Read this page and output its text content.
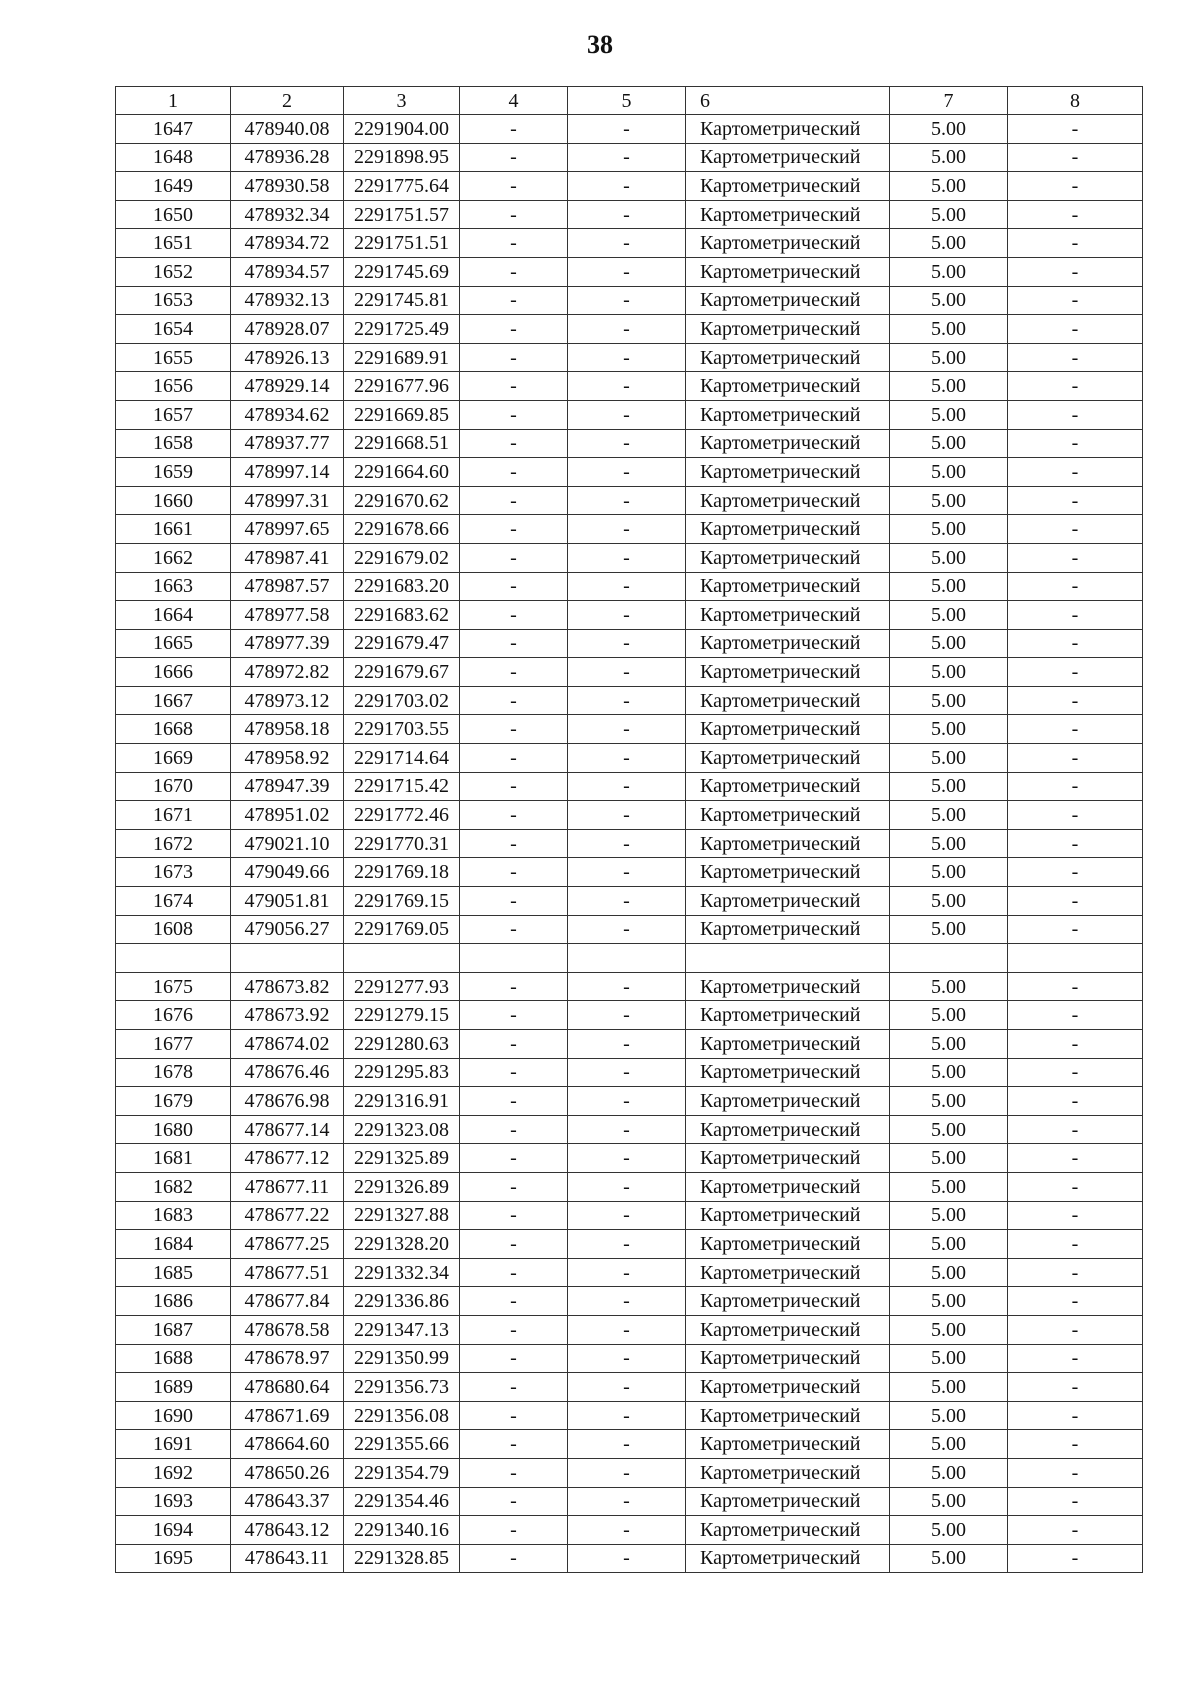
38
1	2	3	4	5	6	7	8
1647	478940.08	2291904.00	-	-	Картометрический	5.00	-
1648	478936.28	2291898.95	-	-	Картометрический	5.00	-
1649	478930.58	2291775.64	-	-	Картометрический	5.00	-
1650	478932.34	2291751.57	-	-	Картометрический	5.00	-
1651	478934.72	2291751.51	-	-	Картометрический	5.00	-
1652	478934.57	2291745.69	-	-	Картометрический	5.00	-
1653	478932.13	2291745.81	-	-	Картометрический	5.00	-
1654	478928.07	2291725.49	-	-	Картометрический	5.00	-
1655	478926.13	2291689.91	-	-	Картометрический	5.00	-
1656	478929.14	2291677.96	-	-	Картометрический	5.00	-
1657	478934.62	2291669.85	-	-	Картометрический	5.00	-
1658	478937.77	2291668.51	-	-	Картометрический	5.00	-
1659	478997.14	2291664.60	-	-	Картометрический	5.00	-
1660	478997.31	2291670.62	-	-	Картометрический	5.00	-
1661	478997.65	2291678.66	-	-	Картометрический	5.00	-
1662	478987.41	2291679.02	-	-	Картометрический	5.00	-
1663	478987.57	2291683.20	-	-	Картометрический	5.00	-
1664	478977.58	2291683.62	-	-	Картометрический	5.00	-
1665	478977.39	2291679.47	-	-	Картометрический	5.00	-
1666	478972.82	2291679.67	-	-	Картометрический	5.00	-
1667	478973.12	2291703.02	-	-	Картометрический	5.00	-
1668	478958.18	2291703.55	-	-	Картометрический	5.00	-
1669	478958.92	2291714.64	-	-	Картометрический	5.00	-
1670	478947.39	2291715.42	-	-	Картометрический	5.00	-
1671	478951.02	2291772.46	-	-	Картометрический	5.00	-
1672	479021.10	2291770.31	-	-	Картометрический	5.00	-
1673	479049.66	2291769.18	-	-	Картометрический	5.00	-
1674	479051.81	2291769.15	-	-	Картометрический	5.00	-
1608	479056.27	2291769.05	-	-	Картометрический	5.00	-

1675	478673.82	2291277.93	-	-	Картометрический	5.00	-
1676	478673.92	2291279.15	-	-	Картометрический	5.00	-
1677	478674.02	2291280.63	-	-	Картометрический	5.00	-
1678	478676.46	2291295.83	-	-	Картометрический	5.00	-
1679	478676.98	2291316.91	-	-	Картометрический	5.00	-
1680	478677.14	2291323.08	-	-	Картометрический	5.00	-
1681	478677.12	2291325.89	-	-	Картометрический	5.00	-
1682	478677.11	2291326.89	-	-	Картометрический	5.00	-
1683	478677.22	2291327.88	-	-	Картометрический	5.00	-
1684	478677.25	2291328.20	-	-	Картометрический	5.00	-
1685	478677.51	2291332.34	-	-	Картометрический	5.00	-
1686	478677.84	2291336.86	-	-	Картометрический	5.00	-
1687	478678.58	2291347.13	-	-	Картометрический	5.00	-
1688	478678.97	2291350.99	-	-	Картометрический	5.00	-
1689	478680.64	2291356.73	-	-	Картометрический	5.00	-
1690	478671.69	2291356.08	-	-	Картометрический	5.00	-
1691	478664.60	2291355.66	-	-	Картометрический	5.00	-
1692	478650.26	2291354.79	-	-	Картометрический	5.00	-
1693	478643.37	2291354.46	-	-	Картометрический	5.00	-
1694	478643.12	2291340.16	-	-	Картометрический	5.00	-
1695	478643.11	2291328.85	-	-	Картометрический	5.00	-
